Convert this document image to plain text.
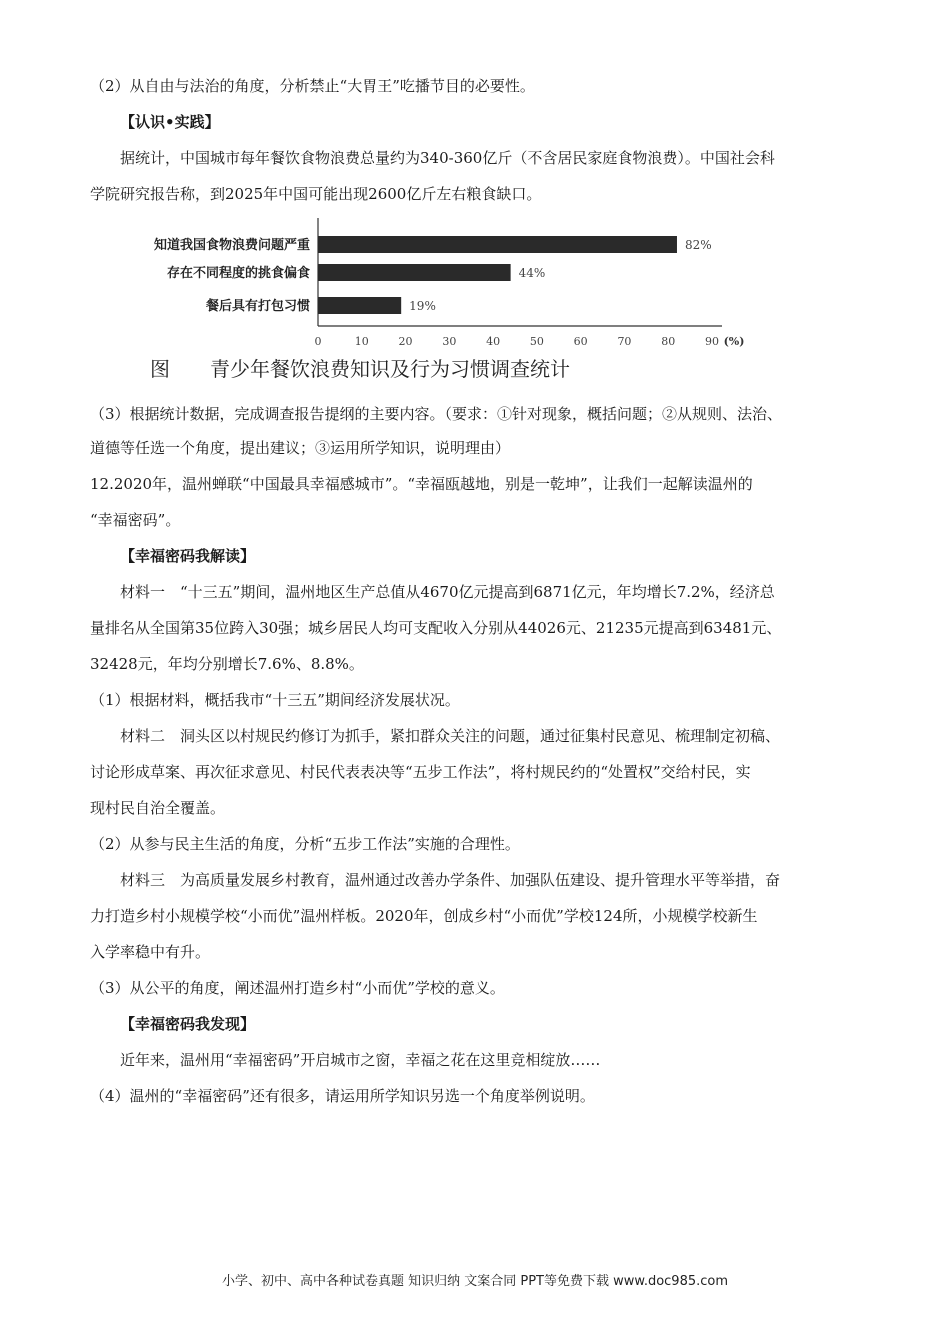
（2）从自由与法治的角度，分析禁止“大胃王”吃播节目的必要性。
【认识•实践】
据统计，中国城市每年餐饮食物浪费总量约为340-360亿斤（不含居民家庭食物浪费）。中国社会科
学院研究报告称，到2025年中国可能出现2600亿斤左右粮食缺口。
知道我国食物浪费问题严重	82%
存在不同程度的挑食偏食	44%
餐后具有打包习惯	19%
0	10	20	30	40	50	60	70	80	90 (%)
图　　青少年餐饮浪费知识及行为习惯调查统计
（3）根据统计数据，完成调查报告提纲的主要内容。（要求：①针对现象，概括问题；②从规则、法治、
道德等任选一个角度，提出建议；③运用所学知识，说明理由）
12.2020年，温州蝉联“中国最具幸福感城市”。“幸福瓯越地，别是一乾坤”，让我们一起解读温州的
“幸福密码”。
【幸福密码我解读】
材料一　“十三五”期间，温州地区生产总值从4670亿元提高到6871亿元，年均增长7.2%，经济总
量排名从全国第35位跨入30强；城乡居民人均可支配收入分别从44026元、21235元提高到63481元、
32428元，年均分别增长7.6%、8.8%。
（1）根据材料，概括我市“十三五”期间经济发展状况。
材料二　洞头区以村规民约修订为抓手，紧扣群众关注的问题，通过征集村民意见、梳理制定初稿、
讨论形成草案、再次征求意见、村民代表表决等“五步工作法”，将村规民约的“处置权”交给村民，实
现村民自治全覆盖。
（2）从参与民主生活的角度，分析“五步工作法”实施的合理性。
材料三　为高质量发展乡村教育，温州通过改善办学条件、加强队伍建设、提升管理水平等举措，奋
力打造乡村小规模学校“小而优”温州样板。2020年，创成乡村“小而优”学校124所，小规模学校新生
入学率稳中有升。
（3）从公平的角度，阐述温州打造乡村“小而优”学校的意义。
【幸福密码我发现】
近年来，温州用“幸福密码”开启城市之窗，幸福之花在这里竞相绽放……
（4）温州的“幸福密码”还有很多，请运用所学知识另选一个角度举例说明。
小学、初中、高中各种试卷真题 知识归纳 文案合同 PPT等免费下载 www.doc985.com
